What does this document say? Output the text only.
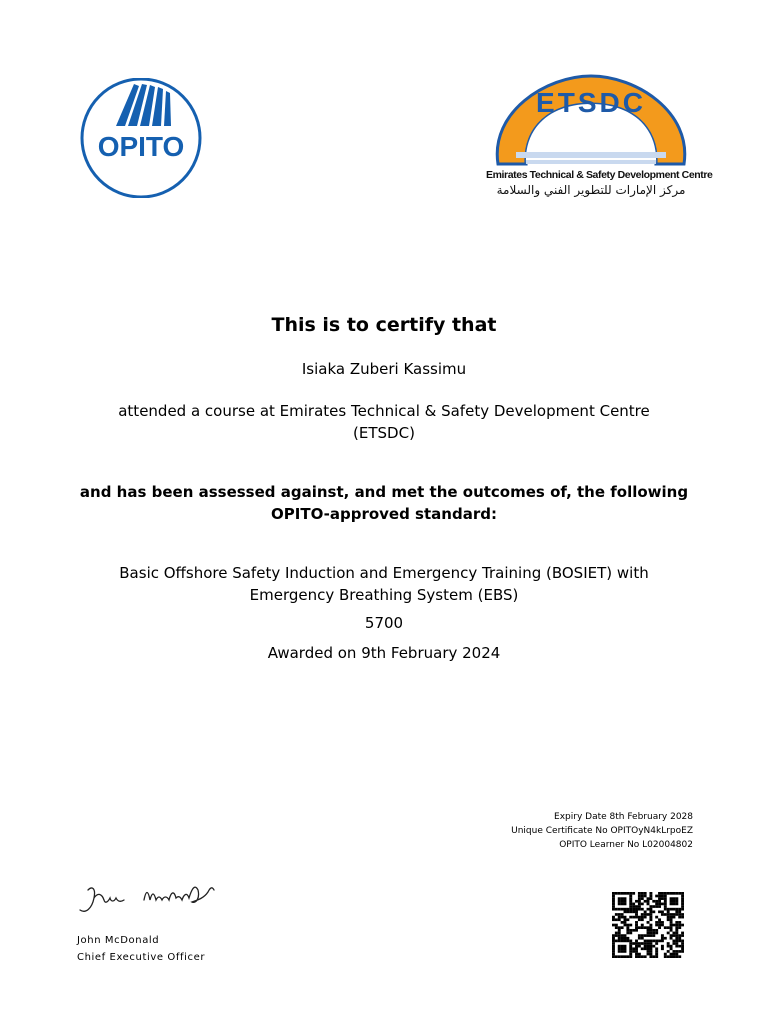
OPITO
ETSDC
Emirates Technical & Safety Development Centre
مركز الإمارات للتطوير الفني والسلامة
This is to certify that
Isiaka Zuberi Kassimu
attended a course at Emirates Technical & Safety Development Centre
(ETSDC)
and has been assessed against, and met the outcomes of, the following
OPITO-approved standard:
Basic Offshore Safety Induction and Emergency Training (BOSIET) with
Emergency Breathing System (EBS)
5700
Awarded on 9th February 2024
Expiry Date 8th February 2028
Unique Certificate No OPITOyN4kLrpoEZ
OPITO Learner No L02004802
John McDonald
Chief Executive Officer
